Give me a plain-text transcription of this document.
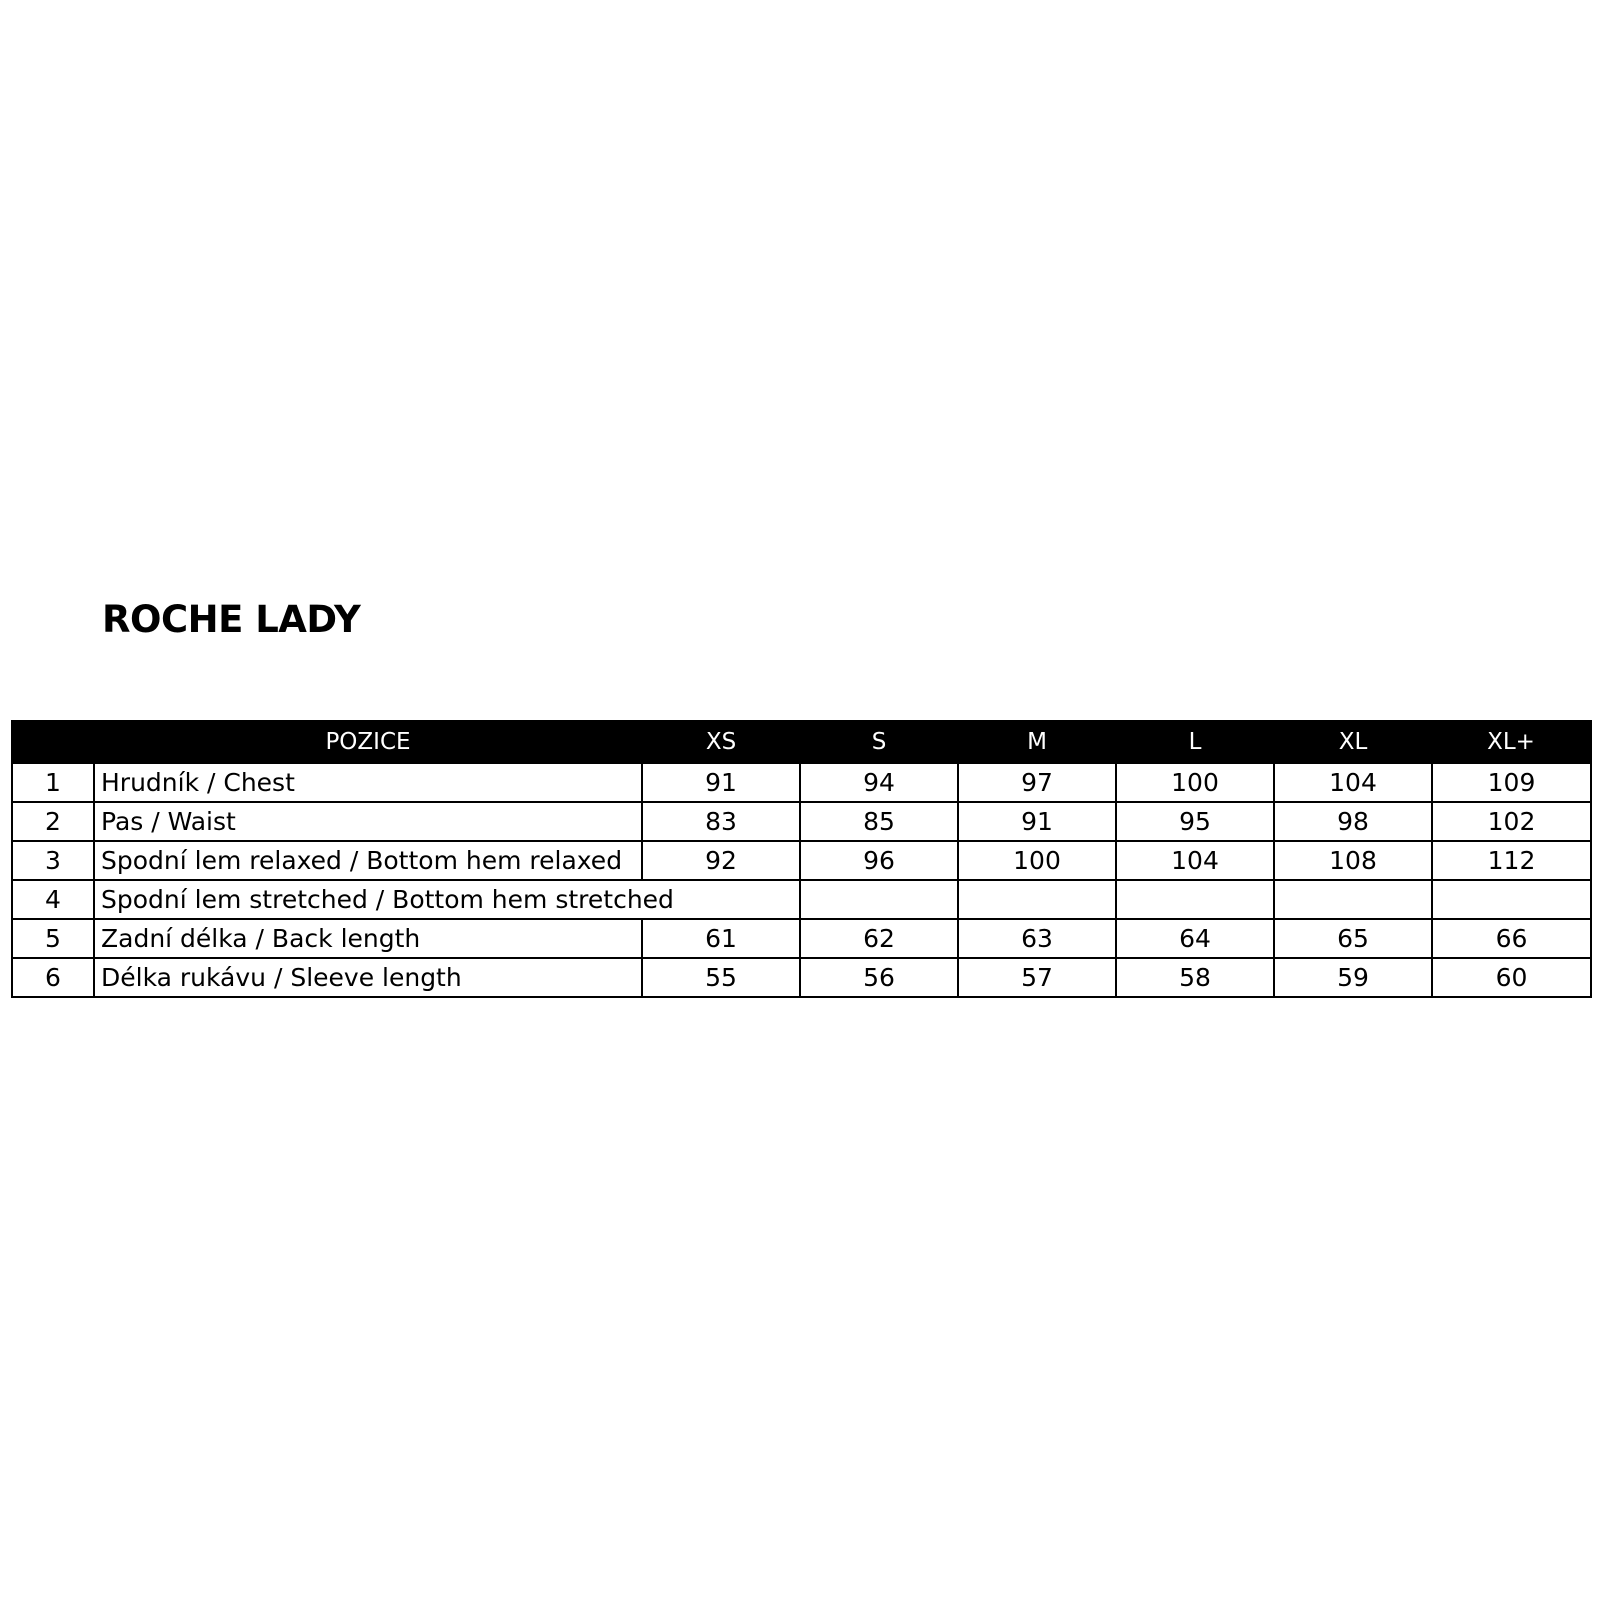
ROCHE LADY
	POZICE	XS	S	M	L	XL	XL+
1	Hrudník / Chest	91	94	97	100	104	109
2	Pas / Waist	83	85	91	95	98	102
3	Spodní lem relaxed / Bottom hem relaxed	92	96	100	104	108	112
4	Spodní lem stretched / Bottom hem stretched						
5	Zadní délka / Back length	61	62	63	64	65	66
6	Délka rukávu / Sleeve length	55	56	57	58	59	60
